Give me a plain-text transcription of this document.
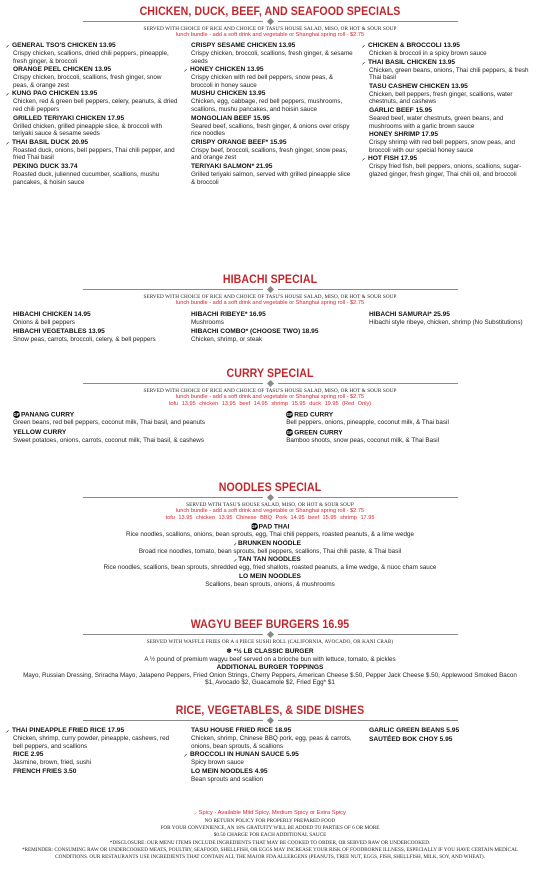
CHICKEN, DUCK, BEEF, AND SEAFOOD SPECIALS
SERVED WITH CHOICE OF RICE AND CHOICE OF TASU'S HOUSE SALAD, MISO, OR HOT & SOUR SOUP
lunch bundle - add a soft drink and vegetable or Shanghai spring roll - $2.75
⸝ GENERAL TSO'S CHICKEN 13.95
Crispy chicken, scallions, dried chili peppers, pineapple, fresh ginger, & broccoli
ORANGE PEEL CHICKEN 13.95
Crispy chicken, broccoli, scallions, fresh ginger, snow peas, & orange zest
⸝ KUNG PAO CHICKEN 13.95
Chicken, red & green bell peppers, celery, peanuts, & dried red chili peppers
GRILLED TERIYAKI CHICKEN 17.95
Grilled chicken, grilled pineapple slice, & broccoli with teriyaki sauce & sesame seeds
⸝ THAI BASIL DUCK 20.95
Roasted duck, onions, bell peppers, Thai chili pepper, and fried Thai basil
PEKING DUCK 33.74
Roasted duck, julienned cucumber, scallions, mushu pancakes, & hoisin sauce
CRISPY SESAME CHICKEN 13.95
Crispy chicken, broccoli, scallions, fresh ginger, & sesame seeds
⸝ HONEY CHICKEN 13.95
Crispy chicken with red bell peppers, snow peas, & broccoli in honey sauce
MUSHU CHICKEN 13.95
Chicken, egg, cabbage, red bell peppers, mushrooms, scallions, mushu pancakes, and hoisin sauce
MONGOLIAN BEEF 15.95
Seared beef, scallions, fresh ginger, & onions over crispy rice noodles
CRISPY ORANGE BEEF* 15.95
Crispy beef, broccoli, scallions, fresh ginger, snow peas, and orange zest
TERIYAKI SALMON* 21.95
Grilled teriyaki salmon, served with grilled pineapple slice & broccoli
⸝ CHICKEN & BROCCOLI 13.95
Chicken & broccoli in a spicy brown sauce
⸝ THAI BASIL CHICKEN 13.95
Chicken, green beans, onions, Thai chili peppers, & fresh Thai basil
TASU CASHEW CHICKEN 13.95
Chicken, bell peppers, fresh ginger, scallions, water chestnuts, and cashews
GARLIC BEEF 15.95
Seared beef, water chestnuts, green beans, and mushrooms with a garlic brown sauce
HONEY SHRIMP 17.95
Crispy shrimp with red bell peppers, snow peas, and broccoli with our special honey sauce
⸝ HOT FISH 17.95
Crispy fried fish, bell peppers, onions, scallions, sugar-glazed ginger, fresh ginger, Thai chili oil, and broccoli
HIBACHI SPECIAL
SERVED WITH CHOICE OF RICE AND CHOICE OF TASU'S HOUSE SALAD, MISO, OR HOT & SOUR SOUP
lunch bundle - add a soft drink and vegetable or Shanghai spring roll - $2.75
HIBACHI CHICKEN 14.95
Onions & bell peppers
HIBACHI VEGETABLES 13.95
Snow peas, carrots, broccoli, celery, & bell peppers
HIBACHI RIBEYE* 16.95
Mushrooms
HIBACHI COMBO* (CHOOSE TWO) 18.95
Chicken, shrimp, or steak
HIBACHI SAMURAI* 25.95
Hibachi style ribeye, chicken, shrimp (No Substitutions)
CURRY SPECIAL
SERVED WITH CHOICE OF RICE AND CHOICE OF TASU'S HOUSE SALAD, MISO, OR HOT & SOUR SOUP
lunch bundle - add a soft drink and vegetable or Shanghai spring roll - $2.75
tofu 13.95 chicken 13.95 beef 14.95 shrimp 15.95 duck 19.95 (Red Only)
GFPANANG CURRY
Green beans, red bell peppers, coconut milk, Thai basil, and peanuts
YELLOW CURRY
Sweet potatoes, onions, carrots, coconut milk, Thai basil, & cashews
GFRED CURRY
Bell peppers, onions, pineapple, coconut milk, & Thai basil
GFGREEN CURRY
Bamboo shoots, snow peas, coconut milk, & Thai Basil
NOODLES SPECIAL
SERVED WITH TASU'S HOUSE SALAD, MISO, OR HOT & SOUR SOUP
lunch bundle - add a soft drink and vegetable or Shanghai spring roll - $2.75
tofu 13.95 chicken 13.95 Chinese BBQ Pork 14.95 beef 15.95 shrimp 17.95
GFPAD THAI
Rice noodles, scallions, onions, bean sprouts, egg, Thai chili peppers, roasted peanuts, & a lime wedge
⸝ BRUNKEN NOODLE
Broad rice noodles, tomato, bean sprouts, bell peppers, scallions, Thai chili paste, & Thai basil
⸝ TAN TAN NOODLES
Rice noodles, scallions, bean sprouts, shredded egg, fried shallots, roasted peanuts, a lime wedge, & nuoc cham sauce
LO MEIN NOODLES
Scallions, bean sprouts, onions, & mushrooms
WAGYU BEEF BURGERS 16.95
SERVED WITH WAFFLE FRIES OR A 4 PIECE SUSHI ROLL (CALIFORNIA, AVOCADO, OR KANI CRAB)
❄ *½ LB CLASSIC BURGER
A ½ pound of premium wagyu beef served on a brioche bun with lettuce, tomato, & pickles
ADDITIONAL BURGER TOPPINGS
Mayo, Russian Dressing, Sriracha Mayo, Jalapeno Peppers, Fried Onion Strings, Cherry Peppers, American Cheese $.50, Pepper Jack Cheese $.50, Applewood Smoked Bacon $1, Avocado $2, Guacamole $2, Fried Egg* $1
RICE, VEGETABLES, & SIDE DISHES
⸝ THAI PINEAPPLE FRIED RICE 17.95
Chicken, shrimp, curry powder, pineapple, cashews, red bell peppers, and scallions
RICE 2.95
Jasmine, brown, fried, sushi
FRENCH FRIES 3.50
TASU HOUSE FRIED RICE 18.95
Chicken, shrimp, Chinese BBQ pork, egg, peas & carrots, onions, bean sprouts, & scallions
⸝ BROCCOLI IN HUNAN SAUCE 5.95
Spicy brown sauce
LO MEIN NOODLES 4.95
Bean sprouts and scallion
GARLIC GREEN BEANS 5.95
SAUTÉED BOK CHOY 5.95
⸝ Spicy - Available Mild Spicy, Medium Spicy or Extra Spicy
NO RETURN POLICY FOR PROPERLY PREPARED FOOD
FOR YOUR CONVENIENCE, AN 18% GRATUITY WILL BE ADDED TO PARTIES OF 6 OR MORE
$0.50 CHARGE FOR EACH ADDITIONAL SAUCE
*DISCLOSURE: OUR MENU ITEMS INCLUDE INGREDIENTS THAT MAY BE COOKED TO ORDER, OR SERVED RAW OR UNDERCOOKED.
*REMINDER: CONSUMING RAW OR UNDERCOOKED MEATS, POULTRY, SEAFOOD, SHELLFISH, OR EGGS MAY INCREASE YOUR RISK OF FOODBORNE ILLNESS, ESPECIALLY IF YOU HAVE CERTAIN MEDICAL CONDITIONS. OUR RESTAURANTS USE INGREDIENTS THAT CONTAIN ALL THE MAJOR FDA ALLERGENS (PEANUTS, TREE NUT, EGGS, FISH, SHELLFISH, MILK, SOY, AND WHEAT).
